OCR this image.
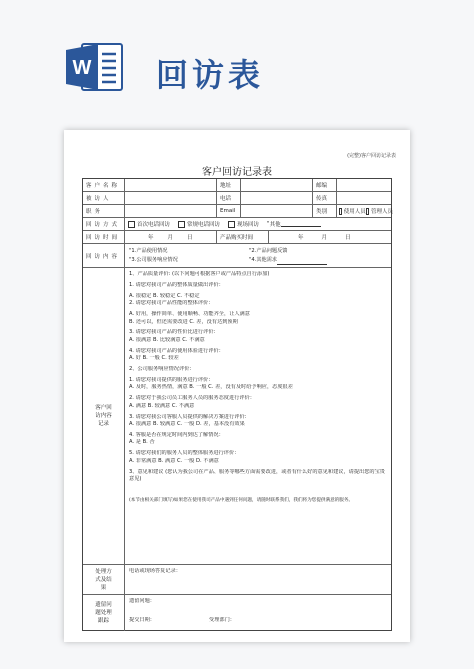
W 回访表
(完整)客户回访记录表
客户回访记录表
客户名称	地址	邮编
被访人	电话	传真
职务	Email	类别	使用人员 管理人员
回访方式	首次电话回访	常规电话回访	现场回访 " 其他
回访时间	年	月	日	产品购买时间	年	月	日
回访内容
"1.产品使用情况	"2.产品问题反馈
"3.公司服务响应情况	"4.其他需求
客户回访内容记录
1、产品质量评价: (以下问题可根据客户或产品特点自行添加)
1. 请您对我司产品的整体质量做出评价：
A. 很稳定 B. 较稳定 C. 不稳定
2. 请您对我司产品性能的整体评价：
A. 好用，操作简单、使用顺畅、功能齐全，让人满意
B. 还可以，但还需要改进 C. 差，没有达到预期
3. 请您对我司产品的性价比进行评价：
A. 很满意 B. 比较满意 C. 不满意
4. 请您对我司产品的使用体验进行评价：
A. 好 B. 一般 C. 较差
2、公司服务响应情况评价：
1. 请您对我司提供的服务进行评价：
A. 及时，服务热情，满意 B. 一般 C. 差，没有及时给予响应，态度很差
2. 请您对于我公司员工服务人员的服务态度进行评价：
A. 满意 B. 较满意 C. 不满意
3. 请您对我公司客服人员提供的解决方案进行评价：
A. 很满意 B. 较满意 C. 一般 D. 差，基本没有效果
4. 客服是否在规定时间内到达了解情况：
A. 是 B. 否
5. 请您对我们的服务人员的整体服务进行评价：
A. 非常满意 B. 满意 C. 一般 D. 不满意
3、意见和建议 (您认为我公司在产品、服务等哪些方面需要改进，或者有什么好的意见和建议，请提出您的宝贵意见)
(本节由相关部门填写)如果您在使用我司产品中遇到任何问题，请随时联系我们，我们将为您提供满意的服务。
处理方式及结果
电话或现场答复记录：
遗留问题处理跟踪
遗留问题：
提交日期：	受理部门：
